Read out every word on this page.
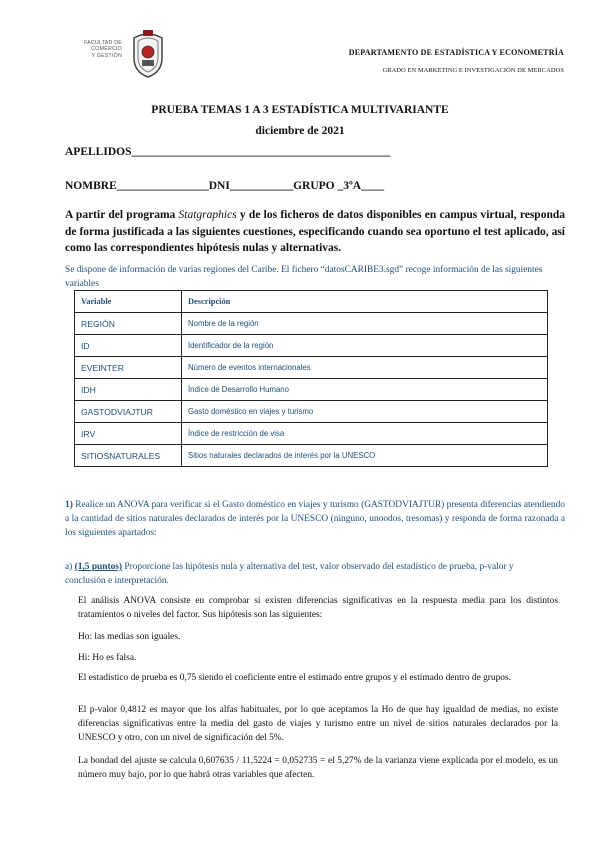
FACULTAD DE COMERCIO
Y GESTIÓN	DEPARTAMENTO DE ESTADÍSTICA Y ECONOMETRÍA
GRADO EN MARKETING E INVESTIGACIÓN DE MERCADOS
PRUEBA TEMAS 1 A 3 ESTADÍSTICA MULTIVARIANTE
diciembre de 2021
APELLIDOS_____________________________________________
NOMBRE________________DNI___________GRUPO _3ºA____
A partir del programa Statgraphics y de los ficheros de datos disponibles en campus virtual, responda de forma justificada a las siguientes cuestiones, especificando cuando sea oportuno el test aplicado, así como las correspondientes hipótesis nulas y alternativas.
Se dispone de información de varias regiones del Caribe. El fichero “datosCARIBE3.sgd” recoge información de las siguientes variables
Variable	Descripción
REGIÓN	Nombre de la región
ID	Identificador de la región
EVEINTER	Número de eventos internacionales
IDH	Índice de Desarrollo Humano
GASTODVIAJTUR	Gasto doméstico en viajes y turismo
IRV	Índice de restricción de visa
SITIOSNATURALES	Sitios naturales declarados de interés por la UNESCO
1) Realice un ANOVA para verificar si el Gasto doméstico en viajes y turismo (GASTODVIAJTUR) presenta diferencias atendiendo a la cantidad de sitios naturales declarados de interés por la UNESCO (ninguno, unoodos, tresomas) y responda de forma razonada a los siguientes apartados:
a) (1,5 puntos) Proporcione las hipótesis nula y alternativa del test, valor observado del estadístico de prueba, p-valor y conclusión e interpretación.
El análisis ANOVA consiste en comprobar si existen diferencias significativas en la respuesta media para los distintos tratamientos o niveles del factor. Sus hipótesis son las siguientes:
Ho: las medias son iguales.
Hi: Ho es falsa.
El estadístico de prueba es 0,75 siendo el coeficiente entre el estimado entre grupos y el estimado dentro de grupos.
El p-valor 0,4812 es mayor que los alfas habituales, por lo que aceptamos la Ho de que hay igualdad de medias, no existe diferencias significativas entre la media del gasto de viajes y turismo entre un nivel de sitios naturales declarados por la UNESCO y otro, con un nivel de significación del 5%.
La bondad del ajuste se calcula 0,607635 / 11,5224 = 0,052735 = el 5,27% de la varianza viene explicada por el modelo, es un número muy bajo, por lo que habrá otras variables que afecten.
